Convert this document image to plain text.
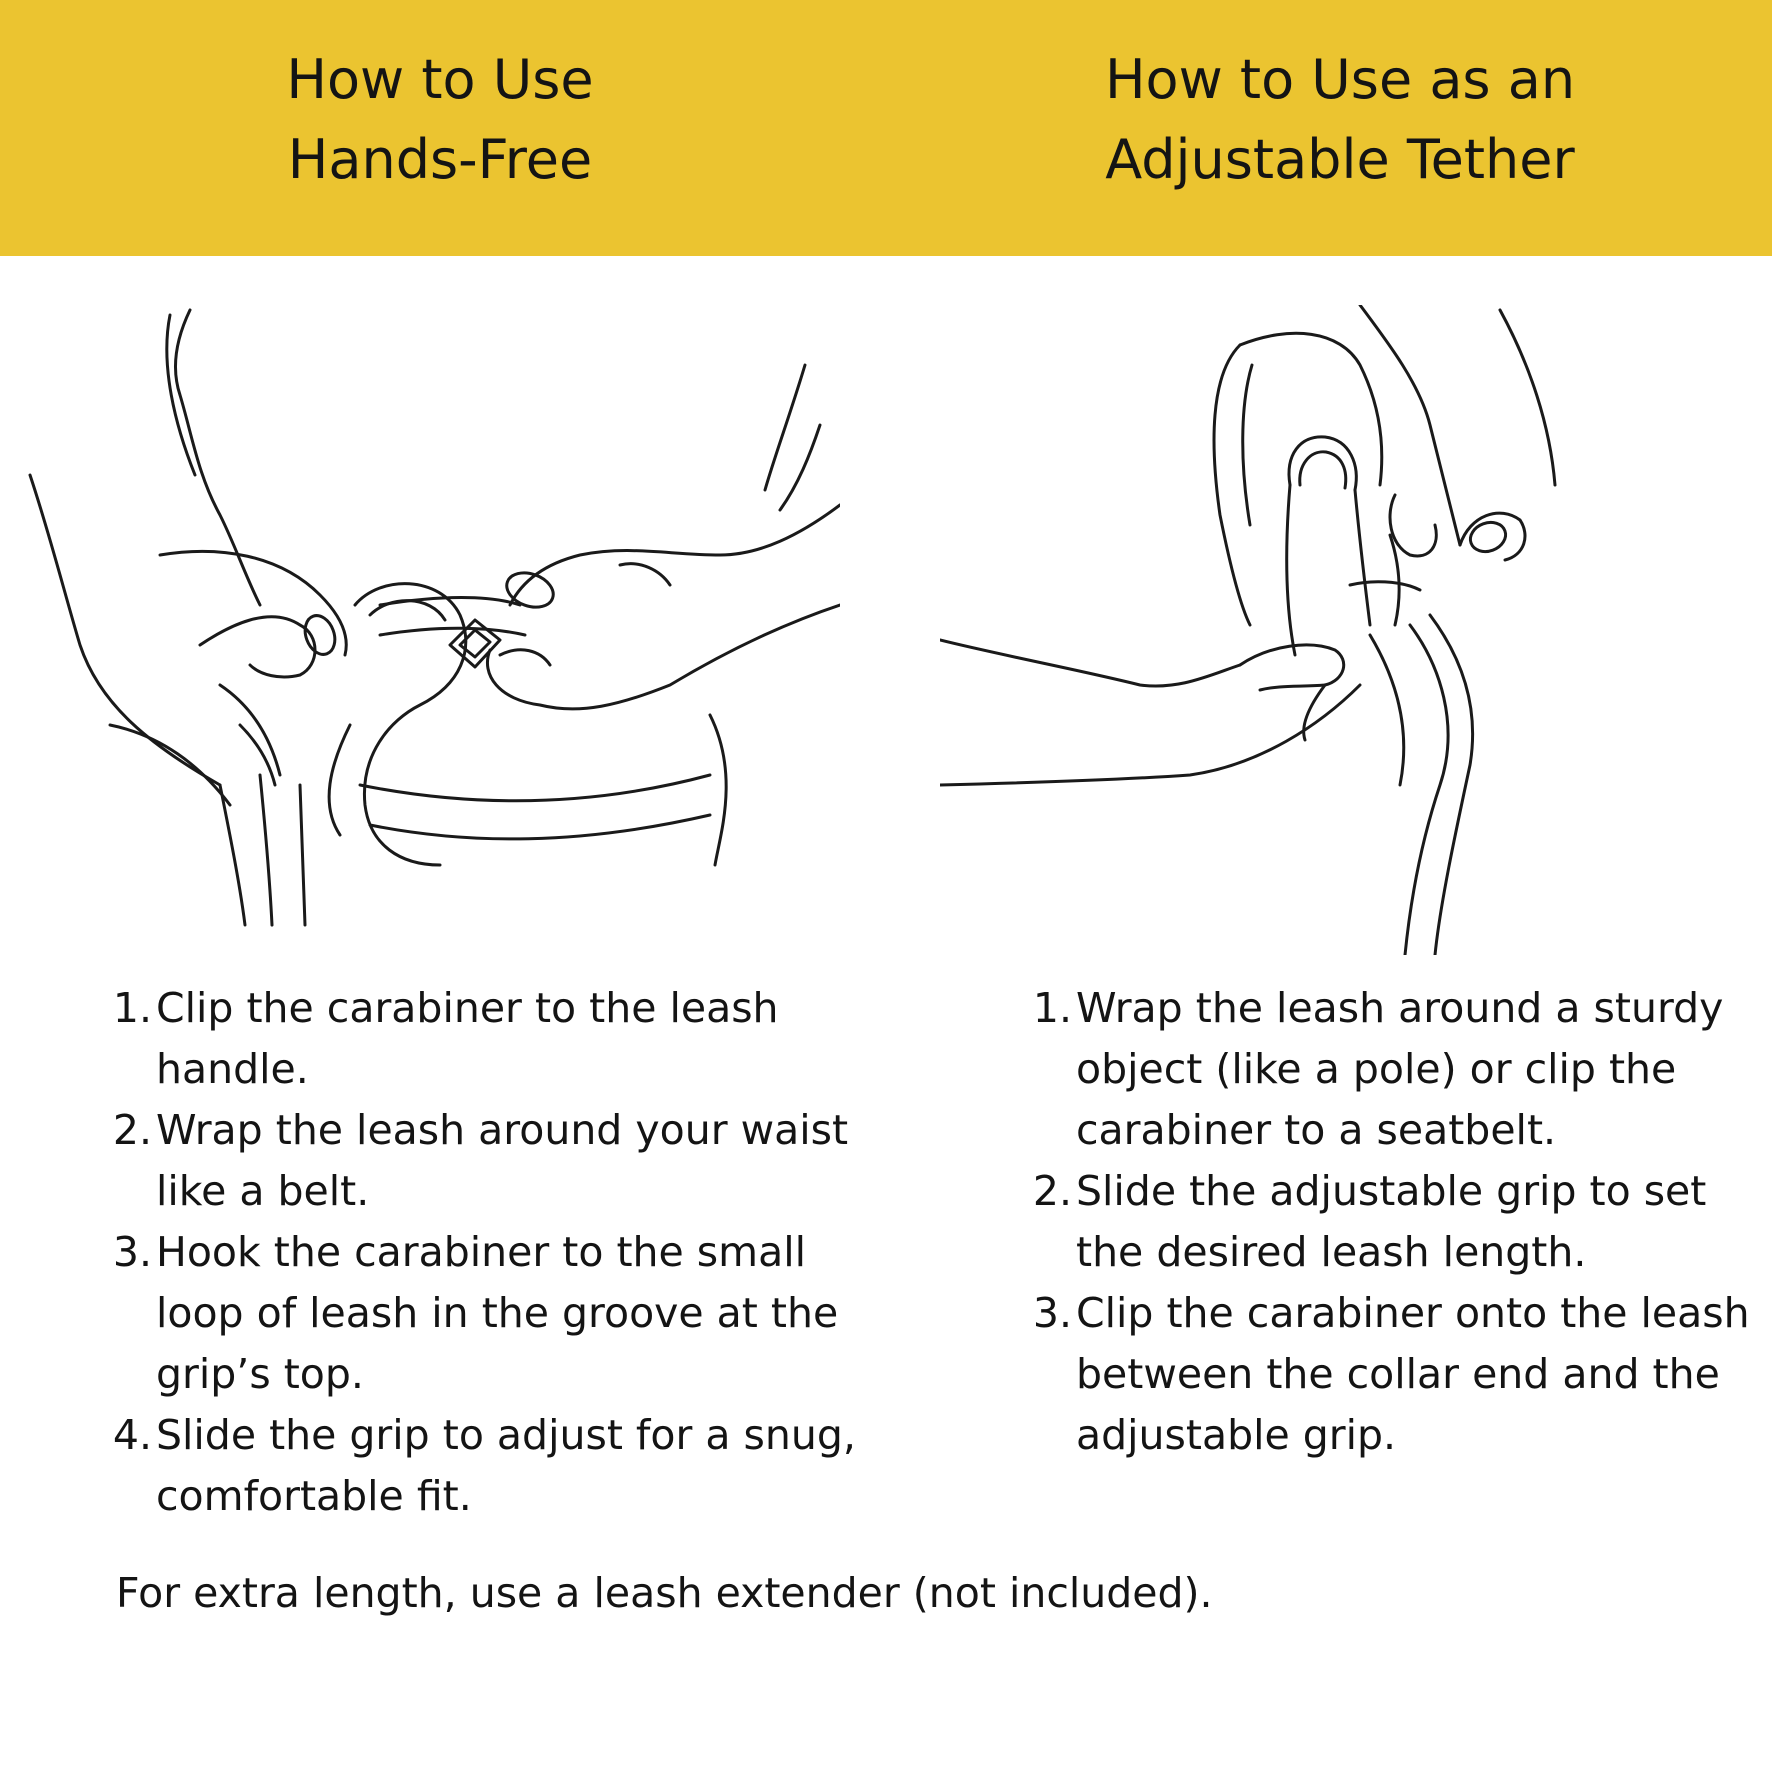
How to Use
Hands-Free
How to Use as an
Adjustable Tether
1. Clip the carabiner to the leash handle.
2. Wrap the leash around your waist like a belt.
3. Hook the carabiner to the small loop of leash in the groove at the grip’s top.
4. Slide the grip to adjust for a snug, comfortable fit.
1. Wrap the leash around a sturdy object (like a pole) or clip the carabiner to a seatbelt.
2. Slide the adjustable grip to set the desired leash length.
3. Clip the carabiner onto the leash between the collar end and the adjustable grip.

For extra length, use a leash extender (not included).
